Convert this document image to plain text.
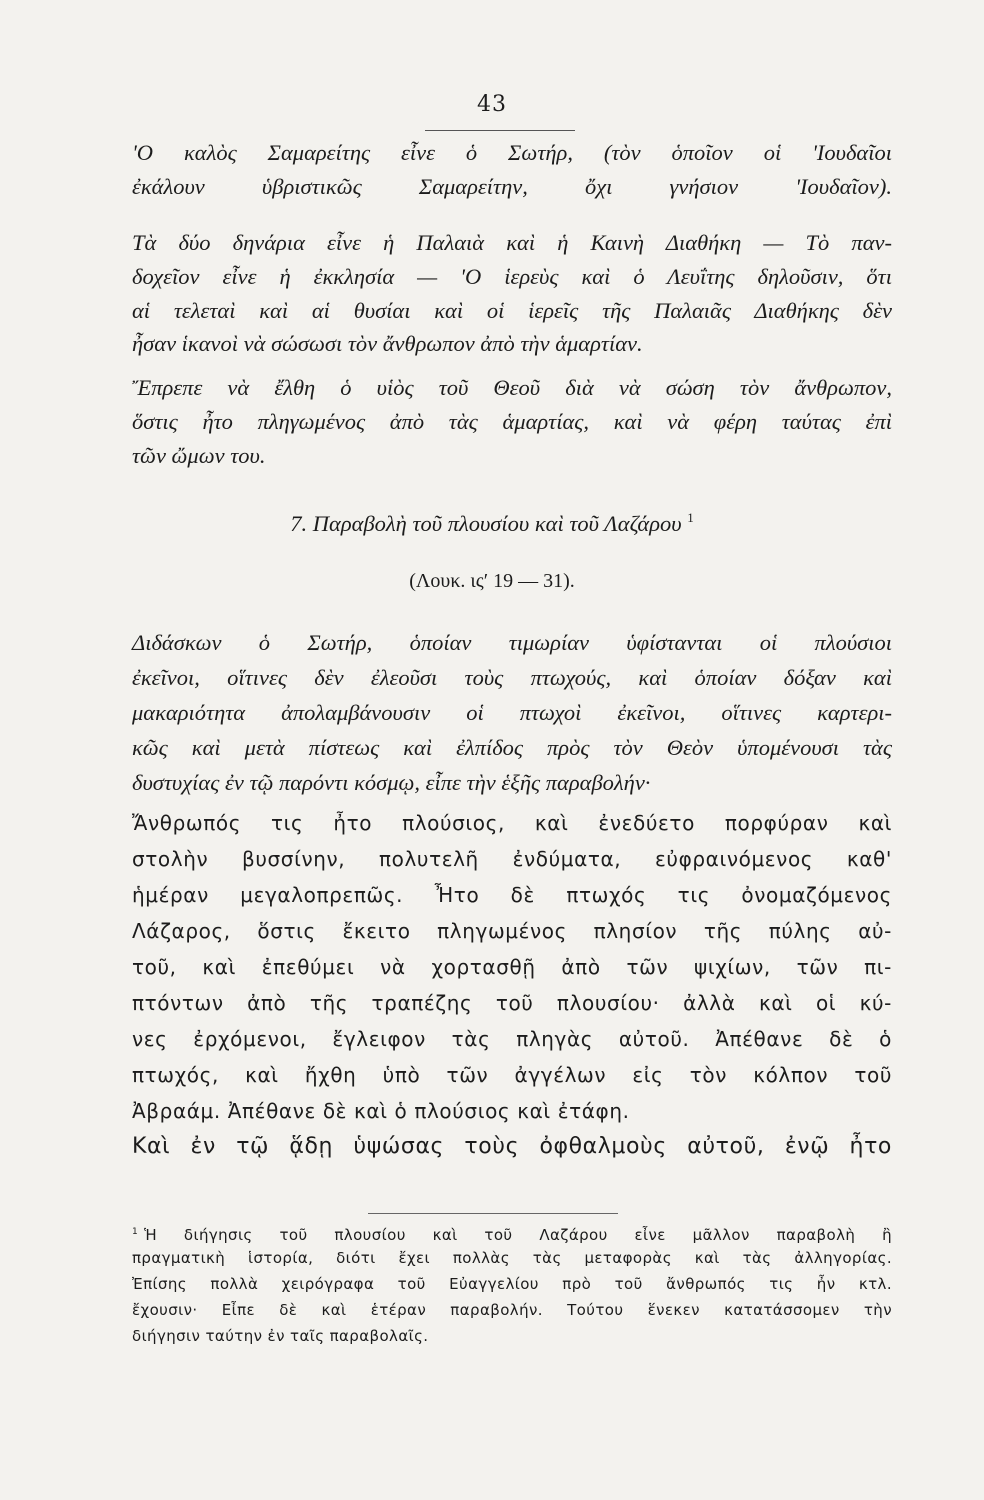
43
'Ο καλὸς Σαμαρείτης εἶνε ὁ Σωτήρ, (τὸν ὁποῖον οἱ 'Ιουδαῖοι
ἐκάλουν ὑβριστικῶς Σαμαρείτην, ὄχι γνήσιον 'Ιουδαῖον).
Τὰ δύο δηνάρια εἶνε ἡ Παλαιὰ καὶ ἡ Καινὴ Διαθήκη — Τὸ παν-
δοχεῖον εἶνε ἡ ἐκκλησία — 'Ο ἱερεὺς καὶ ὁ Λευΐτης δηλοῦσιν, ὅτι
αἱ τελεταὶ καὶ αἱ θυσίαι καὶ οἱ ἱερεῖς τῆς Παλαιᾶς Διαθήκης δὲν
ἦσαν ἱκανοὶ νὰ σώσωσι τὸν ἄνθρωπον ἀπὸ τὴν ἁμαρτίαν.
Ἔπρεπε νὰ ἔλθη ὁ υἱὸς τοῦ Θεοῦ διὰ νὰ σώση τὸν ἄνθρωπον,
ὅστις ἦτο πληγωμένος ἀπὸ τὰς ἁμαρτίας, καὶ νὰ φέρη ταύτας ἐπὶ
τῶν ὤμων του.
7. Παραβολὴ τοῦ πλουσίου καὶ τοῦ Λαζάρου $^1$
(Λουκ. ις′ 19 — 31).
Διδάσκων ὁ Σωτήρ, ὁποίαν τιμωρίαν ὑφίστανται οἱ πλούσιοι
ἐκεῖνοι, οἵτινες δὲν ἐλεοῦσι τοὺς πτωχούς, καὶ ὁποίαν δόξαν καὶ
μακαριότητα ἀπολαμβάνουσιν οἱ πτωχοὶ ἐκεῖνοι, οἵτινες καρτερι-
κῶς καὶ μετὰ πίστεως καὶ ἐλπίδος πρὸς τὸν Θεὸν ὑπομένουσι τὰς
δυστυχίας ἐν τῷ παρόντι κόσμῳ, εἶπε τὴν ἑξῆς παραβολήν·
Ἄνθρωπός τις ἦτο πλούσιος, καὶ ἐνεδύετο πορφύραν καὶ
στολὴν βυσσίνην, πολυτελῆ ἐνδύματα, εὐφραινόμενος καθ'
ἡμέραν μεγαλοπρεπῶς. Ἦτο δὲ πτωχός τις ὀνομαζόμενος
Λάζαρος, ὅστις ἔκειτο πληγωμένος πλησίον τῆς πύλης αὐ-
τοῦ, καὶ ἐπεθύμει νὰ χορτασθῇ ἀπὸ τῶν ψιχίων, τῶν πι-
πτόντων ἀπὸ τῆς τραπέζης τοῦ πλουσίου· ἀλλὰ καὶ οἱ κύ-
νες ἐρχόμενοι, ἔγλειφον τὰς πληγὰς αὐτοῦ. Ἀπέθανε δὲ ὁ
πτωχός, καὶ ἤχθη ὑπὸ τῶν ἀγγέλων εἰς τὸν κόλπον τοῦ
Ἀβραάμ. Ἀπέθανε δὲ καὶ ὁ πλούσιος καὶ ἐτάφη.
Καὶ ἐν τῷ ᾅδῃ ὑψώσας τοὺς ὀφθαλμοὺς αὐτοῦ, ἐνῷ ἦτο
$^1$ Ἡ διήγησις τοῦ πλουσίου καὶ τοῦ Λαζάρου εἶνε μᾶλλον παραβολὴ ἢ
πραγματικὴ ἱστορία, διότι ἔχει πολλὰς τὰς μεταφορὰς καὶ τὰς ἀλληγορίας.
Ἐπίσης πολλὰ χειρόγραφα τοῦ Εὐαγγελίου πρὸ τοῦ ἄνθρωπός τις ἦν κτλ.
ἔχουσιν· Εἶπε δὲ καὶ ἑτέραν παραβολήν. Τούτου ἕνεκεν κατατάσσομεν τὴν
διήγησιν ταύτην ἐν ταῖς παραβολαῖς.
